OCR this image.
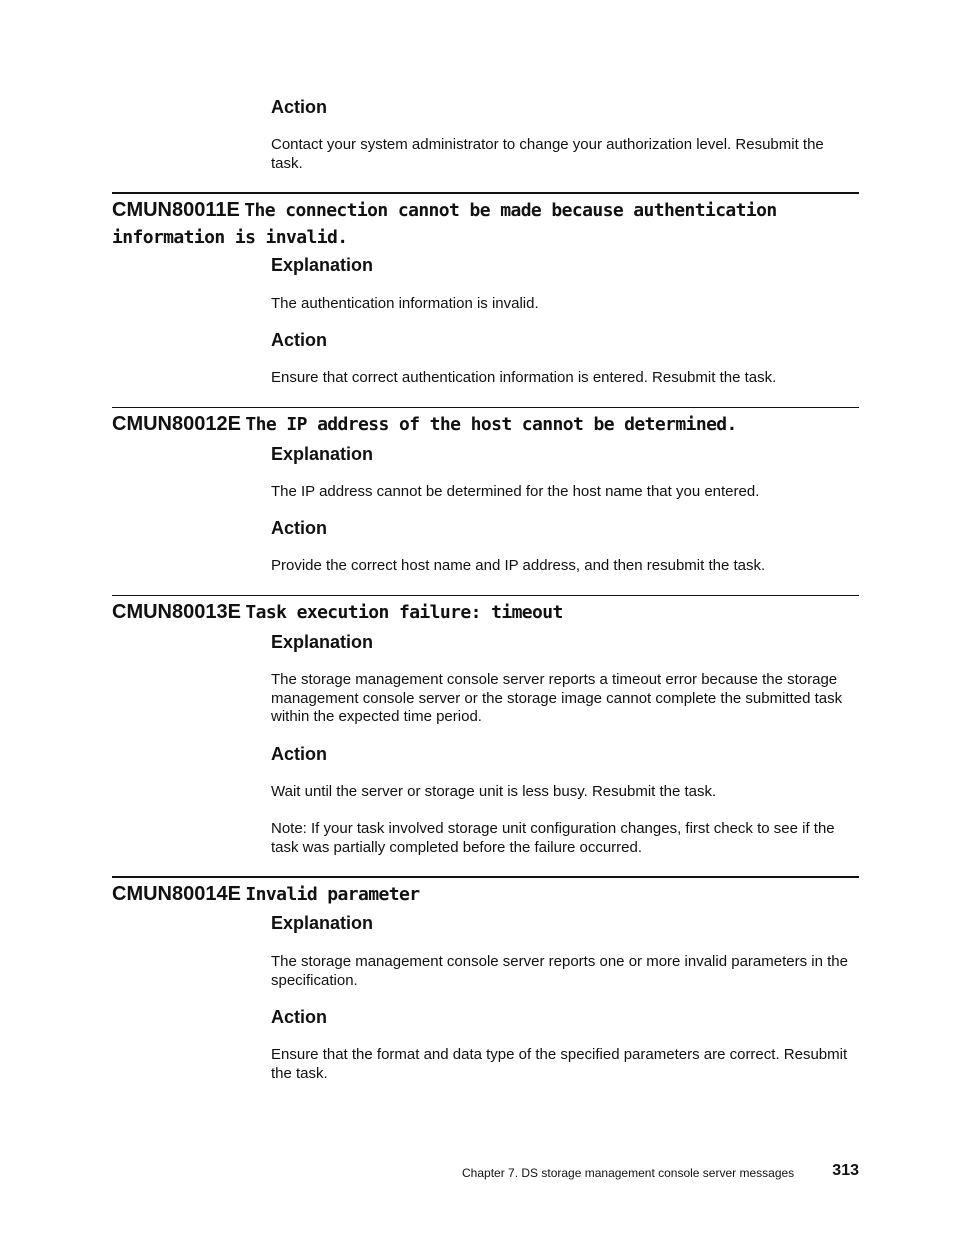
Action

Contact your system administrator to change your authorization level. Resubmit the task.

CMUN80011E The connection cannot be made because authentication information is invalid.

Explanation

The authentication information is invalid.

Action

Ensure that correct authentication information is entered. Resubmit the task.

CMUN80012E The IP address of the host cannot be determined.

Explanation

The IP address cannot be determined for the host name that you entered.

Action

Provide the correct host name and IP address, and then resubmit the task.

CMUN80013E Task execution failure: timeout

Explanation

The storage management console server reports a timeout error because the storage management console server or the storage image cannot complete the submitted task within the expected time period.

Action

Wait until the server or storage unit is less busy. Resubmit the task.

Note: If your task involved storage unit configuration changes, first check to see if the task was partially completed before the failure occurred.

CMUN80014E Invalid parameter

Explanation

The storage management console server reports one or more invalid parameters in the specification.

Action

Ensure that the format and data type of the specified parameters are correct. Resubmit the task.

Chapter 7. DS storage management console server messages 313
